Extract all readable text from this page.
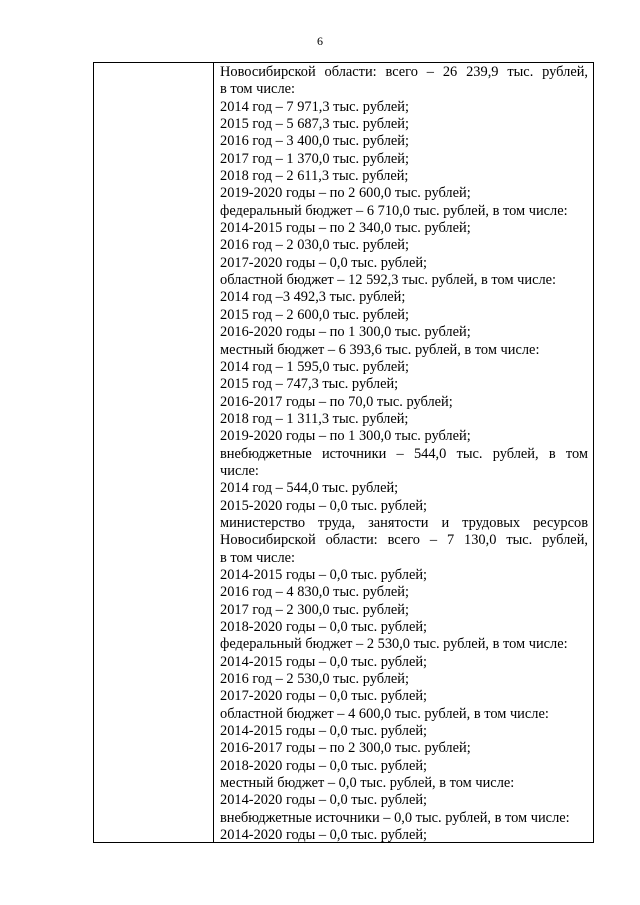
6
Новосибирской области: всего – 26 239,9 тыс. рублей,
в том числе:
2014 год – 7 971,3 тыс. рублей;
2015 год – 5 687,3 тыс. рублей;
2016 год – 3 400,0 тыс. рублей;
2017 год – 1 370,0 тыс. рублей;
2018 год – 2 611,3 тыс. рублей;
2019-2020 годы – по 2 600,0 тыс. рублей;
федеральный бюджет – 6 710,0 тыс. рублей, в том числе:
2014-2015 годы – по 2 340,0 тыс. рублей;
2016 год – 2 030,0 тыс. рублей;
2017-2020 годы – 0,0 тыс. рублей;
областной бюджет – 12 592,3 тыс. рублей, в том числе:
2014 год –3 492,3 тыс. рублей;
2015 год – 2 600,0 тыс. рублей;
2016-2020 годы – по 1 300,0 тыс. рублей;
местный бюджет – 6 393,6 тыс. рублей, в том числе:
2014 год – 1 595,0 тыс. рублей;
2015 год – 747,3 тыс. рублей;
2016-2017 годы – по 70,0 тыс. рублей;
2018 год – 1 311,3 тыс. рублей;
2019-2020 годы – по 1 300,0 тыс. рублей;
внебюджетные источники – 544,0 тыс. рублей, в том
числе:
2014 год – 544,0 тыс. рублей;
2015-2020 годы – 0,0 тыс. рублей;
министерство труда, занятости и трудовых ресурсов
Новосибирской области: всего – 7 130,0 тыс. рублей,
в том числе:
2014-2015 годы – 0,0 тыс. рублей;
2016 год – 4 830,0 тыс. рублей;
2017 год – 2 300,0 тыс. рублей;
2018-2020 годы – 0,0 тыс. рублей;
федеральный бюджет – 2 530,0 тыс. рублей, в том числе:
2014-2015 годы – 0,0 тыс. рублей;
2016 год – 2 530,0 тыс. рублей;
2017-2020 годы – 0,0 тыс. рублей;
областной бюджет – 4 600,0 тыс. рублей, в том числе:
2014-2015 годы – 0,0 тыс. рублей;
2016-2017 годы – по 2 300,0 тыс. рублей;
2018-2020 годы – 0,0 тыс. рублей;
местный бюджет – 0,0 тыс. рублей, в том числе:
2014-2020 годы – 0,0 тыс. рублей;
внебюджетные источники – 0,0 тыс. рублей, в том числе:
2014-2020 годы – 0,0 тыс. рублей;
